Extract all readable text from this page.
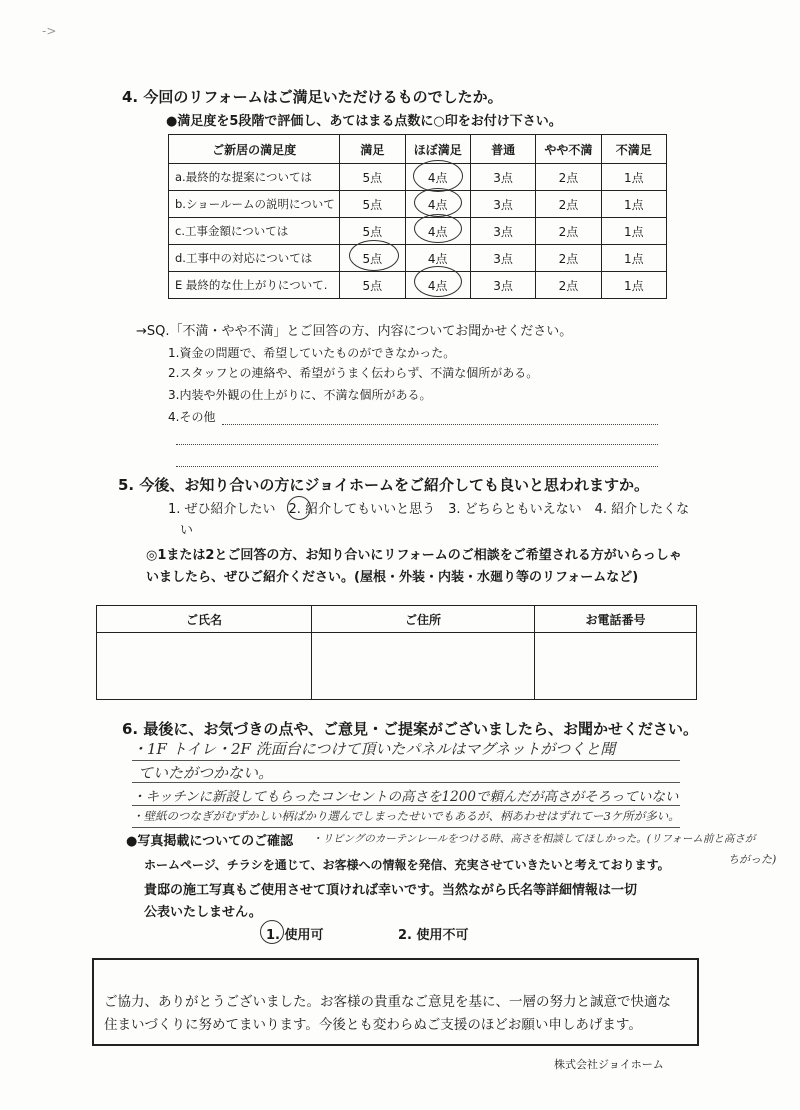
->
4. 今回のリフォームはご満足いただけるものでしたか。
●満足度を5段階で評価し、あてはまる点数に○印をお付け下さい。
ご新居の満足度	満足	ほぼ満足	普通	やや不満	不満足
a.最終的な提案については	5点	4点	3点	2点	1点
b.ショールームの説明について	5点	4点	3点	2点	1点
c.工事金額については	5点	4点	3点	2点	1点
d.工事中の対応については	5点	4点	3点	2点	1点
E 最終的な仕上がりについて.	5点	4点	3点	2点	1点
→SQ.「不満・やや不満」とご回答の方、内容についてお聞かせください。
1.資金の問題で、希望していたものができなかった。
2.スタッフとの連絡や、希望がうまく伝わらず、不満な個所がある。
3.内装や外観の仕上がりに、不満な個所がある。
4.その他
5. 今後、お知り合いの方にジョイホームをご紹介しても良いと思われますか。
1. ぜひ紹介したい　2. 紹介してもいいと思う　3. どちらともいえない　4. 紹介したくな
い
◎1または2とご回答の方、お知り合いにリフォームのご相談をご希望される方がいらっしゃ
いましたら、ぜひご紹介ください。(屋根・外装・内装・水廻り等のリフォームなど)
ご氏名	ご住所	お電話番号

6. 最後に、お気づきの点や、ご意見・ご提案がございましたら、お聞かせください。
・1F トイレ・2F 洗面台につけて頂いたパネルはマグネットがつくと聞
ていたがつかない。
・キッチンに新設してもらったコンセントの高さを1200で頼んだが高さがそろっていない
・壁紙のつなぎがむずかしい柄ばかり選んでしまったせいでもあるが、柄あわせはずれてー3ケ所が多い。
・リビングのカーテンレールをつける時、高さを相談してほしかった。(リフォーム前と高さが
ちがった)
●写真掲載についてのご確認
ホームページ、チラシを通じて、お客様への情報を発信、充実させていきたいと考えております。
貴邸の施工写真もご使用させて頂ければ幸いです。当然ながら氏名等詳細情報は一切
公表いたしません。
1. 使用可	2. 使用不可
ご協力、ありがとうございました。お客様の貴重なご意見を基に、一層の努力と誠意で快適な
住まいづくりに努めてまいります。今後とも変わらぬご支援のほどお願い申しあげます。
株式会社ジョイホーム
